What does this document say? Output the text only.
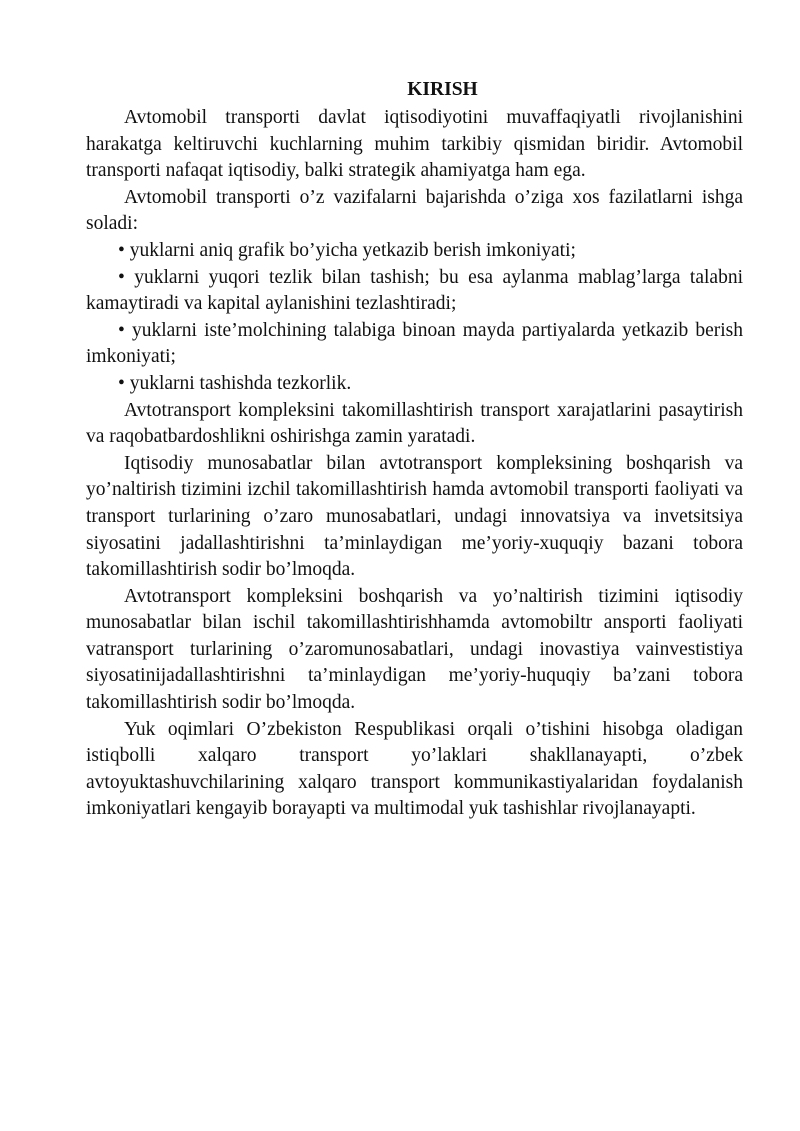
KIRISH

Avtomobil transporti davlat iqtisodiyotini muvaffaqiyatli rivojlanishini harakatga keltiruvchi kuchlarning muhim tarkibiy qismidan biridir. Avtomobil transporti nafaqat iqtisodiy, balki strategik ahamiyatga ham ega.

Avtomobil transporti o’z vazifalarni bajarishda o’ziga xos fazilatlarni ishga soladi:

• yuklarni aniq grafik bo’yicha yetkazib berish imkoniyati;

• yuklarni yuqori tezlik bilan tashish; bu esa aylanma mablag’larga talabni kamaytiradi va kapital aylanishini tezlashtiradi;

• yuklarni iste’molchining talabiga binoan mayda partiyalarda yetkazib berish imkoniyati;

• yuklarni tashishda tezkorlik.

Avtotransport kompleksini takomillashtirish transport xarajatlarini pasaytirish va raqobatbardoshlikni oshirishga zamin yaratadi.

Iqtisodiy munosabatlar bilan avtotransport kompleksining boshqarish va yo’naltirish tizimini izchil takomillashtirish hamda avtomobil transporti faoliyati va transport turlarining o’zaro munosabatlari, undagi innovatsiya va invetsitsiya siyosatini jadallashtirishni ta’minlaydigan me’yoriy-xuquqiy bazani tobora takomillashtirish sodir bo’lmoqda.

Avtotransport kompleksini boshqarish va yo’naltirish tizimini iqtisodiy munosabatlar bilan ischil takomillashtirishhamda avtomobiltr ansporti faoliyati vatransport turlarining o’zaromunosabatlari, undagi inovastiya vainvestistiya siyosatinijadallashtirishni ta’minlaydigan me’yoriy-huquqiy ba’zani tobora takomillashtirish sodir bo’lmoqda.

Yuk oqimlari O’zbekiston Respublikasi orqali o’tishini hisobga oladigan istiqbolli xalqaro transport yo’laklari shakllanayapti, o’zbek avtoyuktashuvchilarining xalqaro transport kommunikastiyalaridan foydalanish imkoniyatlari kengayib borayapti va multimodal yuk tashishlar rivojlanayapti.
